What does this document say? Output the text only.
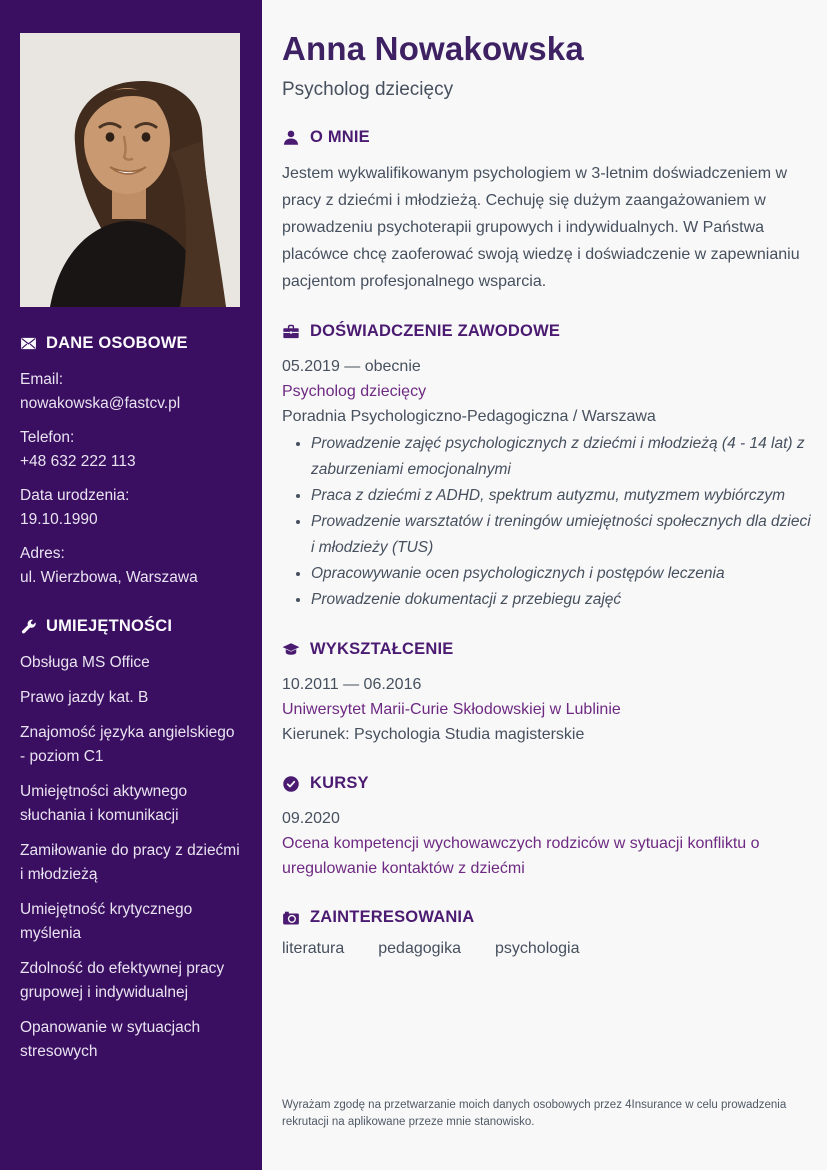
DANE OSOBOWE
Email:
nowakowska@fastcv.pl
Telefon:
+48 632 222 113
Data urodzenia:
19.10.1990
Adres:
ul. Wierzbowa, Warszawa
UMIEJĘTNOŚCI
Obsługa MS Office
Prawo jazdy kat. B
Znajomość języka angielskiego - poziom C1
Umiejętności aktywnego słuchania i komunikacji
Zamiłowanie do pracy z dziećmi i młodzieżą
Umiejętność krytycznego myślenia
Zdolność do efektywnej pracy grupowej i indywidualnej
Opanowanie w sytuacjach stresowych
Anna Nowakowska

Psycholog dziecięcy

O MNIE

Jestem wykwalifikowanym psychologiem w 3-letnim doświadczeniem w pracy z dziećmi i młodzieżą. Cechuję się dużym zaangażowaniem w prowadzeniu psychoterapii grupowych i indywidualnych. W Państwa placówce chcę zaoferować swoją wiedzę i doświadczenie w zapewnianiu pacjentom profesjonalnego wsparcia.

DOŚWIADCZENIE ZAWODOWE

05.2019 — obecnie

Psycholog dziecięcy

Poradnia Psychologiczno-Pedagogiczna / Warszawa

• Prowadzenie zajęć psychologicznych z dziećmi i młodzieżą (4 - 14 lat) z zaburzeniami emocjonalnymi
• Praca z dziećmi z ADHD, spektrum autyzmu, mutyzmem wybiórczym
• Prowadzenie warsztatów i treningów umiejętności społecznych dla dzieci i młodzieży (TUS)
• Opracowywanie ocen psychologicznych i postępów leczenia
• Prowadzenie dokumentacji z przebiegu zajęć
WYKSZTAŁCENIE

10.2011 — 06.2016

Uniwersytet Marii-Curie Skłodowskiej w Lublinie

Kierunek: Psychologia Studia magisterskie

KURSY

09.2020

Ocena kompetencji wychowawczych rodziców w sytuacji konfliktu o uregulowanie kontaktów z dziećmi

ZAINTERESOWANIA
literatura pedagogika psychologia

Wyrażam zgodę na przetwarzanie moich danych osobowych przez 4Insurance w celu prowadzenia rekrutacji na aplikowane przeze mnie stanowisko.
